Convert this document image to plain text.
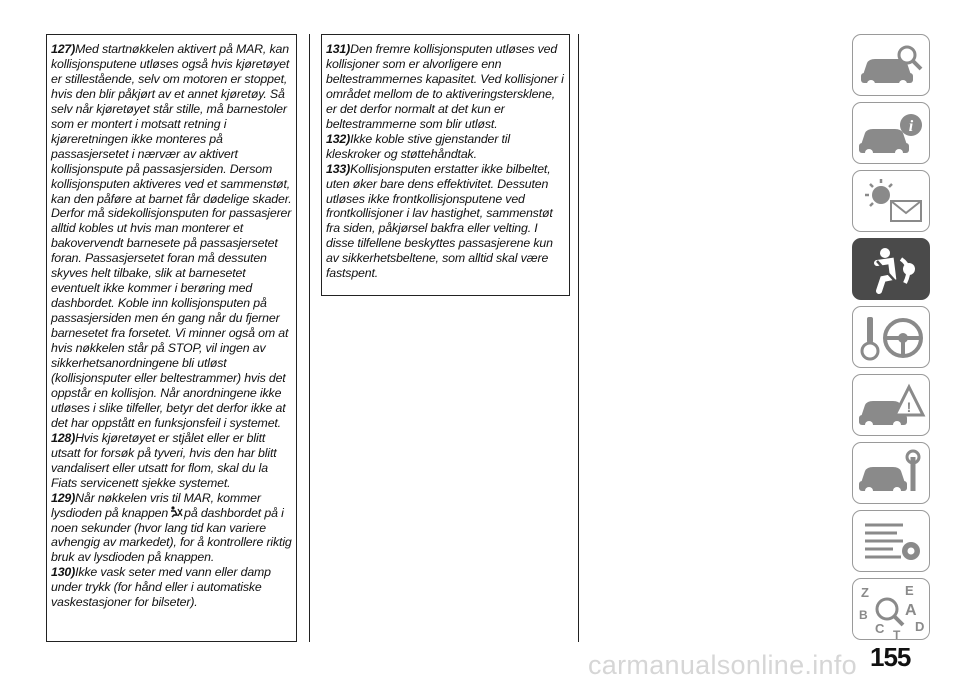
127)Med startnøkkelen aktivert på MAR, kan kollisjonsputene utløses også hvis kjøretøyet er stillestående, selv om motoren er stoppet, hvis den blir påkjørt av et annet kjøretøy. Så selv når kjøretøyet står stille, må barnestoler som er montert i motsatt retning i kjøreretningen ikke monteres på passasjersetet i nærvær av aktivert kollisjonspute på passasjersiden. Dersom kollisjonsputen aktiveres ved et sammenstøt, kan den påføre at barnet får dødelige skader. Derfor må sidekollisjonsputen for passasjerer alltid kobles ut hvis man monterer et bakovervendt barnesete på passasjersetet foran. Passasjersetet foran må dessuten skyves helt tilbake, slik at barnesetet eventuelt ikke kommer i berøring med dashbordet. Koble inn kollisjonsputen på passasjersiden men én gang når du fjerner barnesetet fra forsetet. Vi minner også om at hvis nøkkelen står på STOP, vil ingen av sikkerhetsanordningene bli utløst (kollisjonsputer eller beltestrammer) hvis det oppstår en kollisjon. Når anordningene ikke utløses i slike tilfeller, betyr det derfor ikke at det har oppstått en funksjonsfeil i systemet.

128)Hvis kjøretøyet er stjålet eller er blitt utsatt for forsøk på tyveri, hvis den har blitt vandalisert eller utsatt for flom, skal du la Fiats servicenett sjekke systemet.

129)Når nøkkelen vris til MAR, kommer lysdioden på knappen på dashbordet på i noen sekunder (hvor lang tid kan variere avhengig av markedet), for å kontrollere riktig bruk av lysdioden på knappen.

130)Ikke vask seter med vann eller damp under trykk (for hånd eller i automatiske vaskestasjoner for bilseter).

131)Den fremre kollisjonsputen utløses ved kollisjoner som er alvorligere enn beltestrammernes kapasitet. Ved kollisjoner i området mellom de to aktiveringstersklene, er det derfor normalt at det kun er beltestrammerne som blir utløst.

132)Ikke koble stive gjenstander til kleskroker og støttehåndtak.

133)Kollisjonsputen erstatter ikke bilbeltet, uten øker bare dens effektivitet. Dessuten utløses ikke frontkollisjonsputene ved frontkollisjoner i lav hastighet, sammenstøt fra siden, påkjørsel bakfra eller velting. I disse tilfellene beskyttes passasjerene kun av sikkerhetsbeltene, som alltid skal være fastspent.

i
!
Z	E
B A
C D
T
155
carmanualsonline.info
